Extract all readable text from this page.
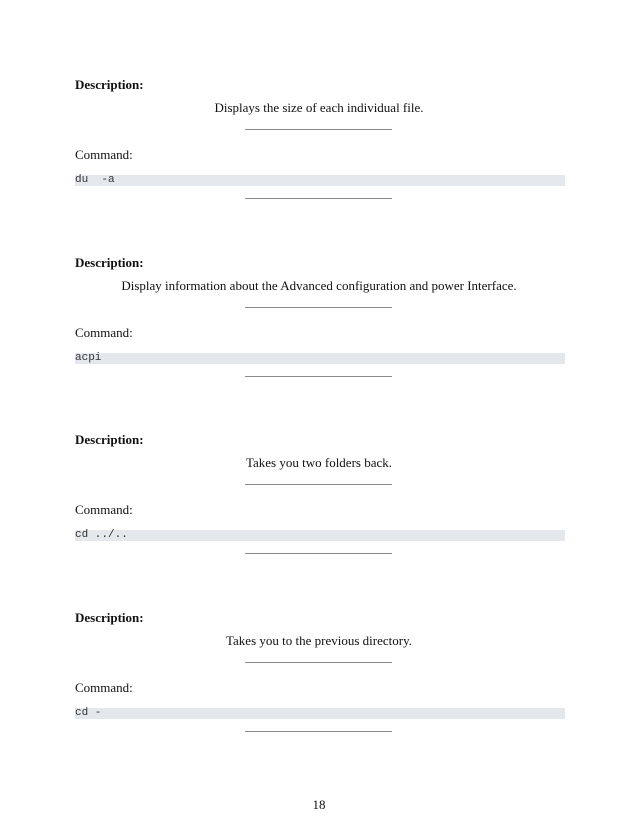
Description:
Displays the size of each individual file.
Command:
du  -a
Description:
Display information about the Advanced configuration and power Interface.
Command:
acpi
Description:
Takes you two folders back.
Command:
cd ../..
Description:
Takes you to the previous directory.
Command:
cd -
18
